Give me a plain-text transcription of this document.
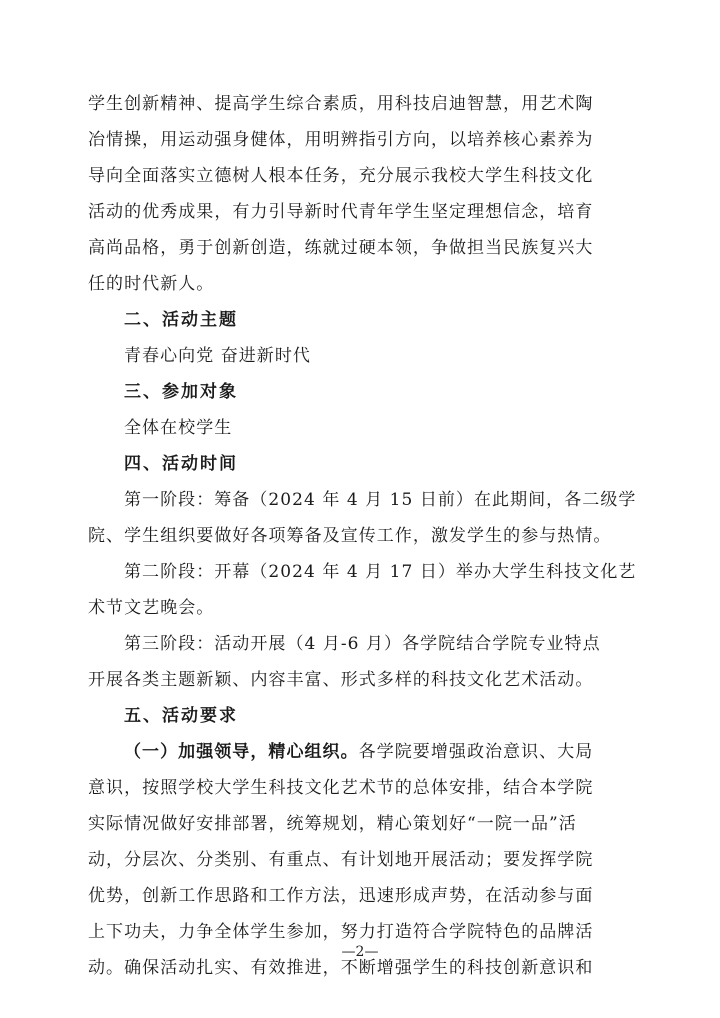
学生创新精神、提高学生综合素质，用科技启迪智慧，用艺术陶
冶情操，用运动强身健体，用明辨指引方向，以培养核心素养为
导向全面落实立德树人根本任务，充分展示我校大学生科技文化
活动的优秀成果，有力引导新时代青年学生坚定理想信念，培育
高尚品格，勇于创新创造，练就过硬本领，争做担当民族复兴大
任的时代新人。
二、活动主题
青春心向党 奋进新时代
三、参加对象
全体在校学生
四、活动时间
第一阶段：筹备（2024 年 4 月 15 日前）在此期间，各二级学
院、学生组织要做好各项筹备及宣传工作，激发学生的参与热情。
第二阶段：开幕（2024 年 4 月 17 日）举办大学生科技文化艺
术节文艺晚会。
第三阶段：活动开展（4 月-6 月）各学院结合学院专业特点
开展各类主题新颖、内容丰富、形式多样的科技文化艺术活动。
五、活动要求
（一）加强领导，精心组织。各学院要增强政治意识、大局
意识，按照学校大学生科技文化艺术节的总体安排，结合本学院
实际情况做好安排部署，统筹规划，精心策划好“一院一品”活
动，分层次、分类别、有重点、有计划地开展活动；要发挥学院
优势，创新工作思路和工作方法，迅速形成声势，在活动参与面
上下功夫，力争全体学生参加，努力打造符合学院特色的品牌活
动。确保活动扎实、有效推进，不断增强学生的科技创新意识和
—2—
